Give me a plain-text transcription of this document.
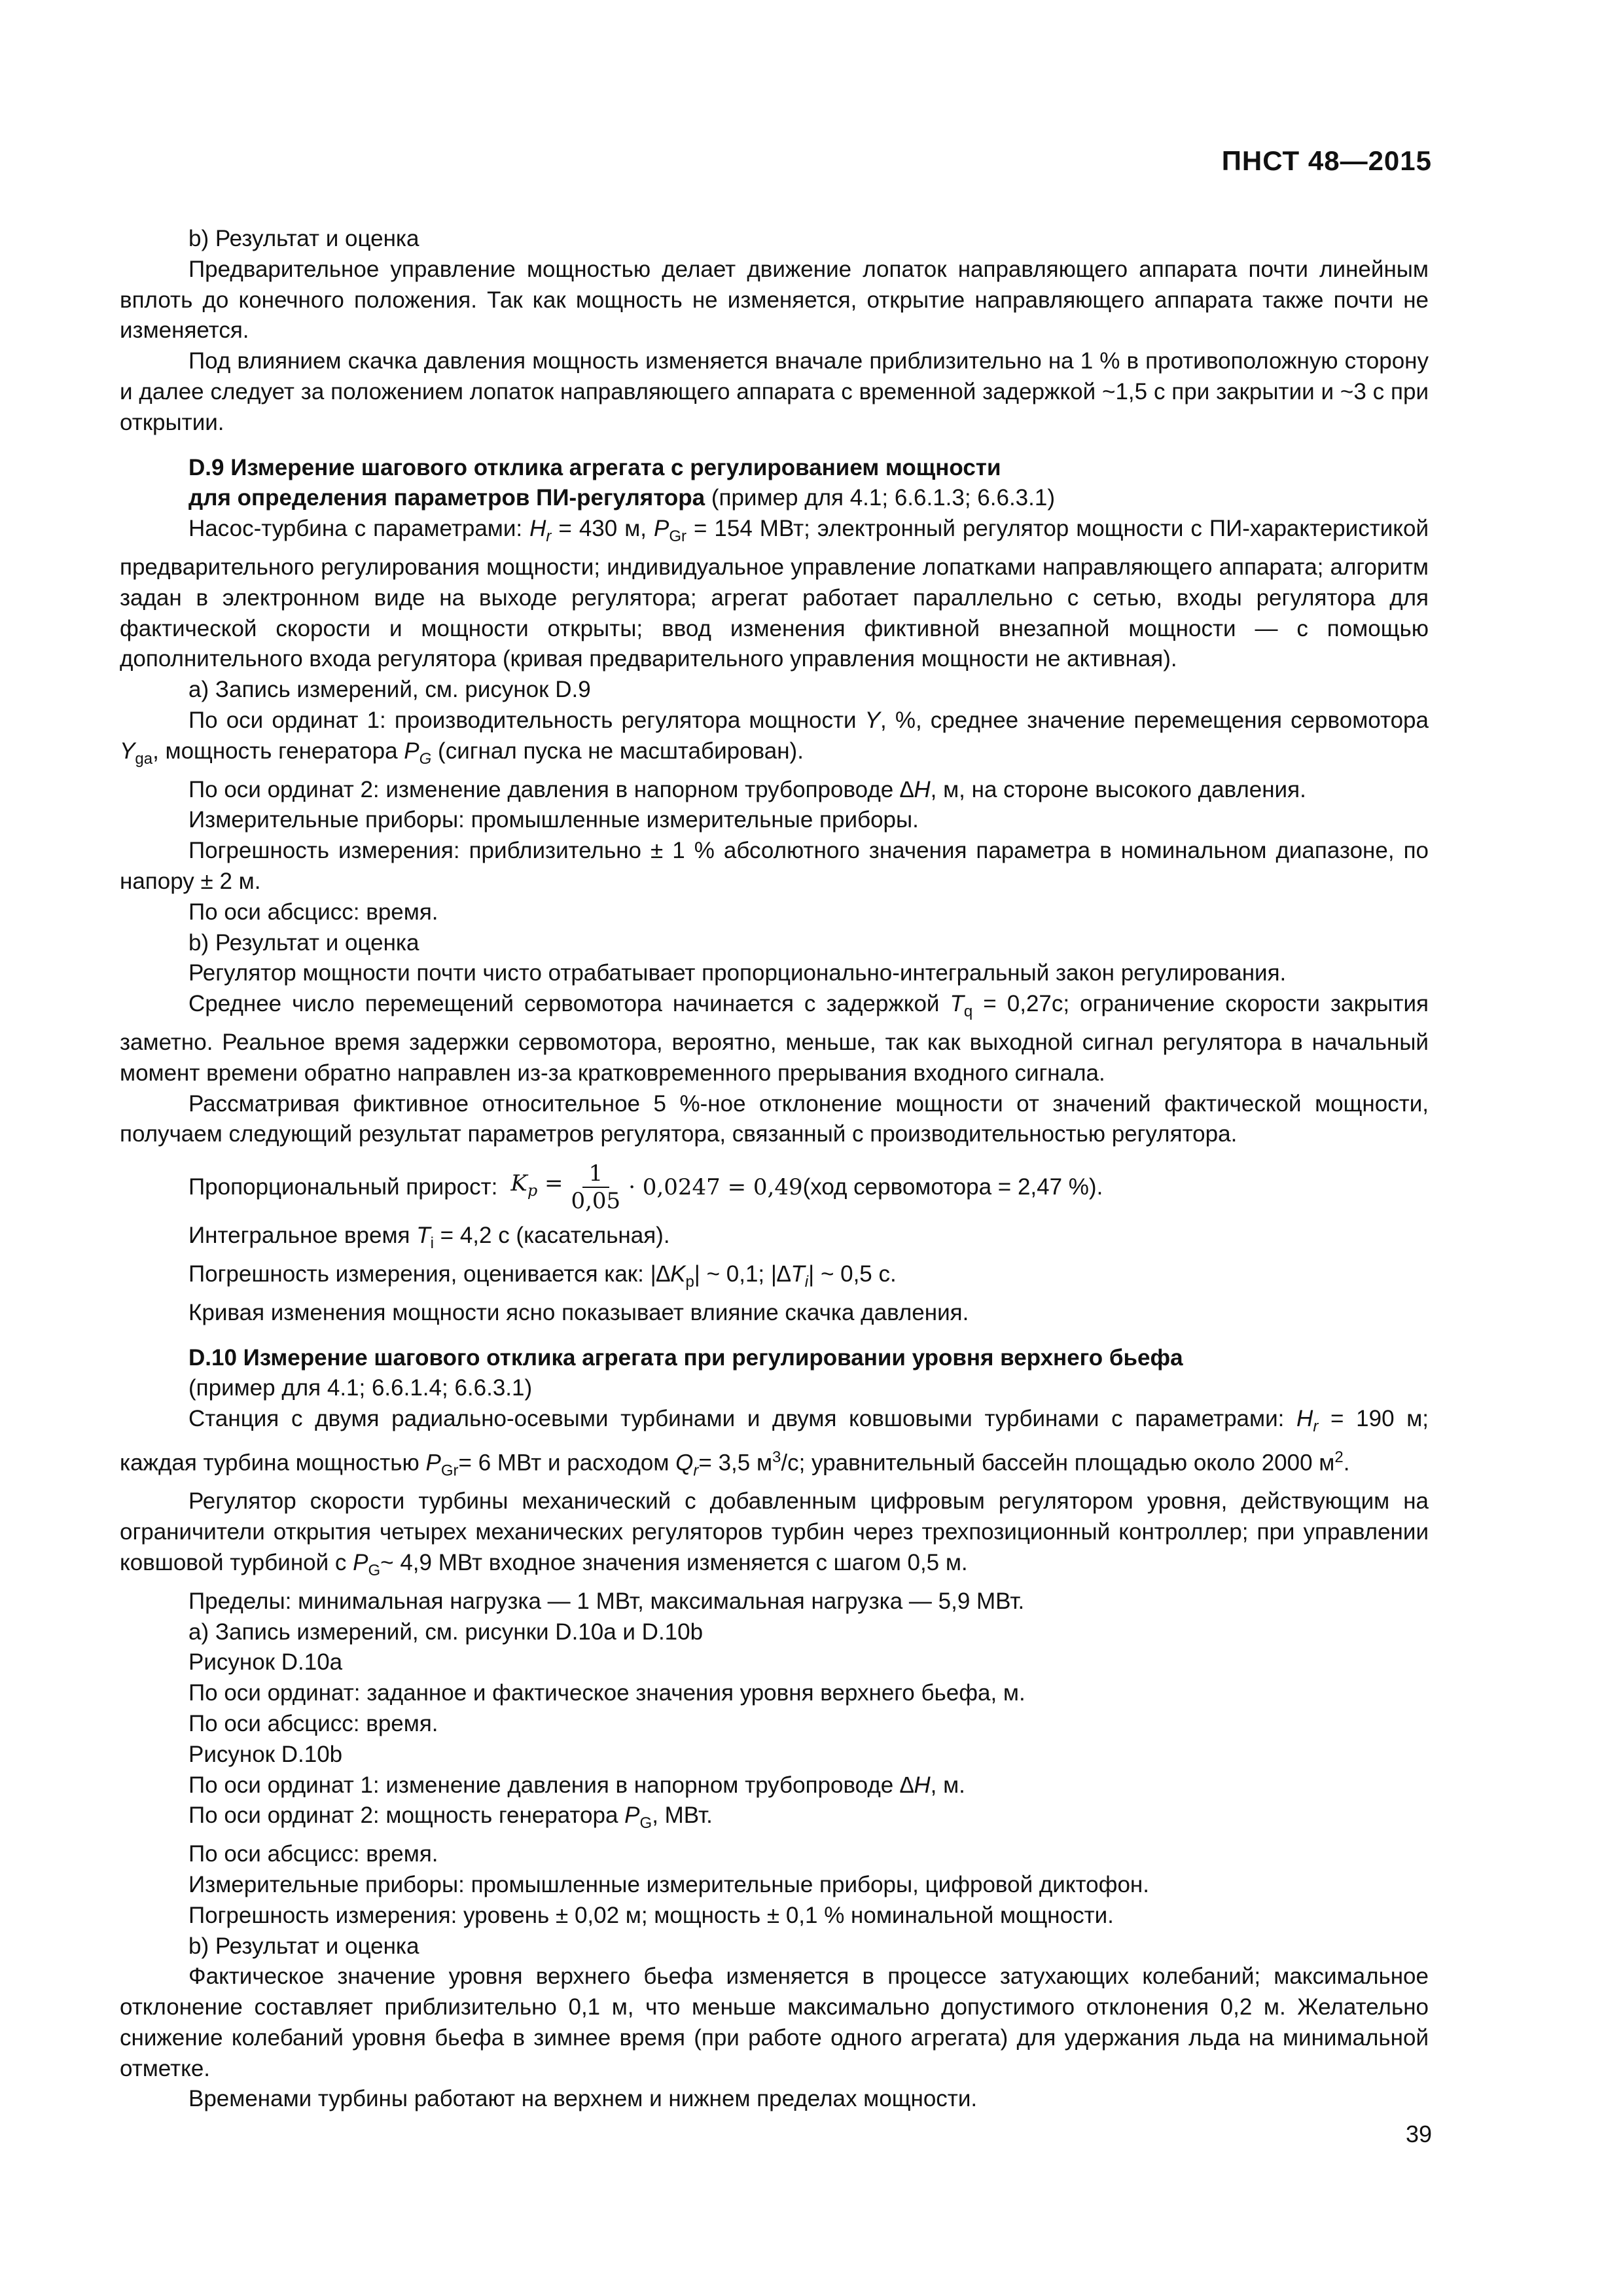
ПНСТ 48—2015

b) Результат и оценка

Предварительное управление мощностью делает движение лопаток направляющего аппарата почти линейным вплоть до конечного положения. Так как мощность не изменяется, открытие направляющего аппарата также почти не изменяется.

Под влиянием скачка давления мощность изменяется вначале приблизительно на 1 % в противоположную сторону и далее следует за положением лопаток направляющего аппарата с временной задержкой ~1,5 с при закрытии и ~3 с при открытии.

D.9 Измерение шагового отклика агрегата с регулированием мощности

для определения параметров ПИ-регулятора (пример для 4.1; 6.6.1.3; 6.6.3.1)

Насос-турбина с параметрами: $H_r = 430$ м, $P_{Gr} = 154$ МВт; электронный регулятор мощности с ПИ-характеристикой предварительного регулирования мощности; индивидуальное управление лопатками направляющего аппарата; алгоритм задан в электронном виде на выходе регулятора; агрегат работает параллельно с сетью, входы регулятора для фактической скорости и мощности открыты; ввод изменения фиктивной внезапной мощности — с помощью дополнительного входа регулятора (кривая предварительного управления мощности не активная).

а) Запись измерений, см. рисунок D.9

По оси ординат 1: производительность регулятора мощности Y, %, среднее значение перемещения сервомотора $Y_{ga}$, мощность генератора $P_G$ (сигнал пуска не масштабирован).

По оси ординат 2: изменение давления в напорном трубопроводе ∆H, м, на стороне высокого давления.

Измерительные приборы: промышленные измерительные приборы.

Погрешность измерения: приблизительно ± 1 % абсолютного значения параметра в номинальном диапазоне, по напору ± 2 м.

По оси абсцисс: время.

b) Результат и оценка

Регулятор мощности почти чисто отрабатывает пропорционально-интегральный закон регулирования.

Среднее число перемещений сервомотора начинается с задержкой $T_q = 0,27c$; ограничение скорости закрытия заметно. Реальное время задержки сервомотора, вероятно, меньше, так как выходной сигнал регулятора в начальный момент времени обратно направлен из-за кратковременного прерывания входного сигнала.

Рассматривая фиктивное относительное 5 %-ное отклонение мощности от значений фактической мощности, получаем следующий результат параметров регулятора, связанный с производительностью регулятора.

Пропорциональный прирост: $K_p = \frac{1}{0,05} \cdot 0,0247 = 0,49$ (ход сервомотора = 2,47 %).

Интегральное время $T_i = 4,2$ с (касательная).

Погрешность измерения, оценивается как: $|\Delta K_p|$ ~ 0,1; $|\Delta T_i|$ ~ 0,5 с.

Кривая изменения мощности ясно показывает влияние скачка давления.

D.10 Измерение шагового отклика агрегата при регулировании уровня верхнего бьефа

(пример для 4.1; 6.6.1.4; 6.6.3.1)

Станция с двумя радиально-осевыми турбинами и двумя ковшовыми турбинами с параметрами: $H_r = 190$ м; каждая турбина мощностью $P_{Gr}= 6$ МВт и расходом $Q_r= 3,5$ $м^3/с$; уравнительный бассейн площадью около 2000 $м^2$.

Регулятор скорости турбины механический с добавленным цифровым регулятором уровня, действующим на ограничители открытия четырех механических регуляторов турбин через трехпозиционный контроллер; при управлении ковшовой турбиной с $P_G\sim$ 4,9 МВт входное значения изменяется с шагом 0,5 м.

Пределы: минимальная нагрузка — 1 МВт, максимальная нагрузка — 5,9 МВт.

а) Запись измерений, см. рисунки D.10a и D.10b

Рисунок D.10a

По оси ординат: заданное и фактическое значения уровня верхнего бьефа, м.

По оси абсцисс: время.

Рисунок D.10b

По оси ординат 1: изменение давления в напорном трубопроводе ∆H, м.

По оси ординат 2: мощность генератора $P_G$, МВт.

По оси абсцисс: время.

Измерительные приборы: промышленные измерительные приборы, цифровой диктофон.

Погрешность измерения: уровень ± 0,02 м; мощность ± 0,1 % номинальной мощности.

b) Результат и оценка

Фактическое значение уровня верхнего бьефа изменяется в процессе затухающих колебаний; максимальное отклонение составляет приблизительно 0,1 м, что меньше максимально допустимого отклонения 0,2 м. Желательно снижение колебаний уровня бьефа в зимнее время (при работе одного агрегата) для удержания льда на минимальной отметке.

Временами турбины работают на верхнем и нижнем пределах мощности.

39
